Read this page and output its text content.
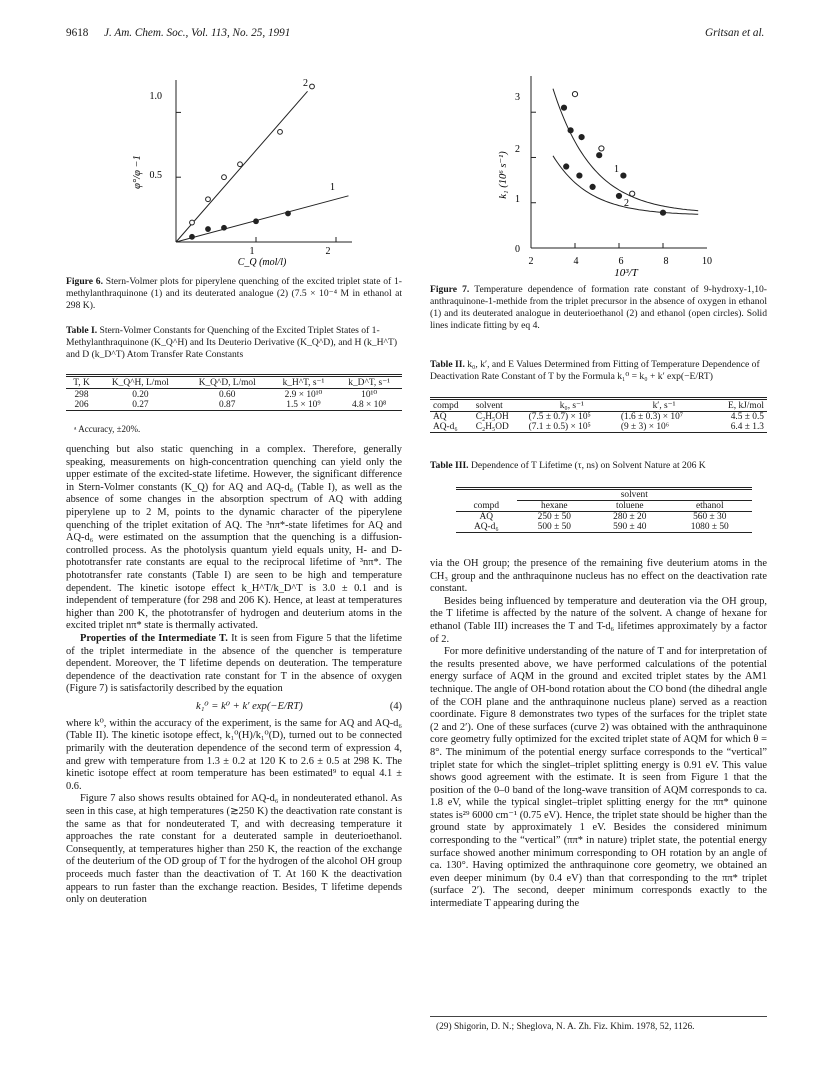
9618 J. Am. Chem. Soc., Vol. 113, No. 25, 1991	Gritsan et al.
1.0
0.5
1	2
φ°/φ −1
C_Q (mol/l)
2
1
Figure 6. Stern-Volmer plots for piperylene quenching of the excited triplet state of 1-methylanthraquinone (1) and its deuterated analogue (2) (7.5 × 10⁻⁴ M in ethanol at 298 K).
3
2
1
0
2	4	6	8	10
k₁ (10⁶ s⁻¹)
10³/T
1
2
Figure 7. Temperature dependence of formation rate constant of 9-hydroxy-1,10-anthraquinone-1-methide from the triplet precursor in the absence of oxygen in ethanol (1) and its deuterated analogue in deuterioethanol (2) and ethanol (open circles). Solid lines indicate fitting by eq 4.
Table I. Stern-Volmer Constants for Quenching of the Excited Triplet States of 1-Methylanthraquinone (K_Q^H) and Its Deuterio Derivative (K_Q^D), and H (k_H^T) and D (k_D^T) Atom Transfer Rate Constants
T, K	K_Q^H, L/mol	K_Q^D, L/mol	k_H^T, s⁻¹	k_D^T, s⁻¹
298	0.20	0.60	2.9 × 10¹⁰	10¹⁰
206	0.27	0.87	1.5 × 10⁹	4.8 × 10⁸
ᵃ Accuracy, ±20%.

quenching but also static quenching in a complex. Therefore, generally speaking, measurements on high-concentration quenching can yield only the upper estimate of the excited-state lifetime. However, the significant difference in Stern-Volmer constants (K_Q) for AQ and AQ-d₆ (Table I), as well as the absence of some changes in the absorption spectrum of AQ with adding piperylene up to 2 M, points to the dynamic character of the piperylene quenching of the triplet exitation of AQ. The ³nπ*-state lifetimes for AQ and AQ-d₆ were estimated on the assumption that the quenching is a diffusion-controlled process. As the photolysis quantum yield equals unity, H- and D-phototransfer rate constants are equal to the reciprocal lifetime of ³nπ*. The phototransfer rate constants (Table I) are seen to be high and temperature dependent. The kinetic isotope effect k_H^T/k_D^T is 3.0 ± 0.1 and is independent of temperature (for 298 and 206 K). Hence, at least at temperatures higher than 200 K, the phototransfer of hydrogen and deuterium atoms in the excited triplet nπ* state is thermally activated.

Properties of the Intermediate T. It is seen from Figure 5 that the lifetime of the triplet intermediate in the absence of the quencher is temperature dependent. Moreover, the T lifetime depends on deuteration. The temperature dependence of the deactivation rate constant for T in the absence of oxygen (Figure 7) is satisfactorily described by the equation

k₁⁰ = k⁰ + k′ exp(−E/RT)	(4)

where k⁰, within the accuracy of the experiment, is the same for AQ and AQ-d₆ (Table II). The kinetic isotope effect, k₁⁰(H)/k₁⁰(D), turned out to be connected primarily with the deuteration dependence of the second term of expression 4, and grew with temperature from 1.3 ± 0.2 at 120 K to 2.6 ± 0.5 at 298 K. The kinetic isotope effect at room temperature has been estimated⁹ to equal 4.1 ± 0.6.

Figure 7 also shows results obtained for AQ-d₆ in nondeuterated ethanol. As seen in this case, at high temperatures (≳250 K) the deactivation rate constant is the same as that for nondeuterated T, and with decreasing temperature it approaches the rate constant for a deuterated sample in deuterioethanol. Consequently, at temperatures higher than 250 K, the reaction of the exchange of the deuterium of the OD group of T for the hydrogen of the alcohol OH group proceeds much faster than the deactivation of T. At 160 K the deactivation appears to run faster than the exchange reaction. Besides, T lifetime depends only on deuteration

Table II. k₀, k′, and E Values Determined from Fitting of Temperature Dependence of Deactivation Rate Constant of T by the Formula k₁⁰ = k₀ + k′ exp(−E/RT)
compd	solvent	k₀, s⁻¹	k′, s⁻¹	E, kJ/mol
AQ	C₂H₅OH	(7.5 ± 0.7) × 10⁵	(1.6 ± 0.3) × 10⁷	4.5 ± 0.5
AQ-d₆	C₂H₅OD	(7.1 ± 0.5) × 10⁵	(9 ± 3) × 10⁶	6.4 ± 1.3
Table III. Dependence of T Lifetime (τ, ns) on Solvent Nature at 206 K
	solvent		
compd	hexane	toluene	ethanol
AQ	250 ± 50	280 ± 20	560 ± 30
AQ-d₆	500 ± 50	590 ± 40	1080 ± 50

via the OH group; the presence of the remaining five deuterium atoms in the CH₃ group and the anthraquinone nucleus has no effect on the deactivation rate constant.

Besides being influenced by temperature and deuteration via the OH group, the T lifetime is affected by the nature of the solvent. A change of hexane for ethanol (Table III) increases the T and T-d₆ lifetimes approximately by a factor of 2.

For more definitive understanding of the nature of T and for interpretation of the results presented above, we have performed calculations of the potential energy surface of AQM in the ground and excited triplet states by the AM1 technique. The angle of OH-bond rotation about the CO bond (the dihedral angle of the COH plane and the anthraquinone nucleus plane) served as a reaction coordinate. Figure 8 demonstrates two types of the surfaces for the triplet state (2 and 2′). One of these surfaces (curve 2) was obtained with the anthraquinone core geometry fully optimized for the excited triplet state of AQM for which θ = 8°. The minimum of the potential energy surface corresponds to the “vertical” triplet state for which the singlet–triplet splitting energy is 0.91 eV. This value shows good agreement with the estimate. It is seen from Figure 1 that the position of the 0–0 band of the long-wave transition of AQM corresponds to ca. 1.8 eV, while the typical singlet–triplet splitting energy for the ππ* quinone states is²⁹ 6000 cm⁻¹ (0.75 eV). Hence, the triplet state should be higher than the ground state by approximately 1 eV. Besides the considered minimum corresponding to the “vertical” (ππ* in nature) triplet state, the potential energy surface showed another minimum corresponding to OH rotation by an angle of ca. 130°. Having optimized the anthraquinone core geometry, we obtained an even deeper minimum (by 0.4 eV) than that corresponding to the ππ* triplet (surface 2′). The second, deeper minimum corresponds exactly to the intermediate T appearing during the

(29) Shigorin, D. N.; Sheglova, N. A. Zh. Fiz. Khim. 1978, 52, 1126.
